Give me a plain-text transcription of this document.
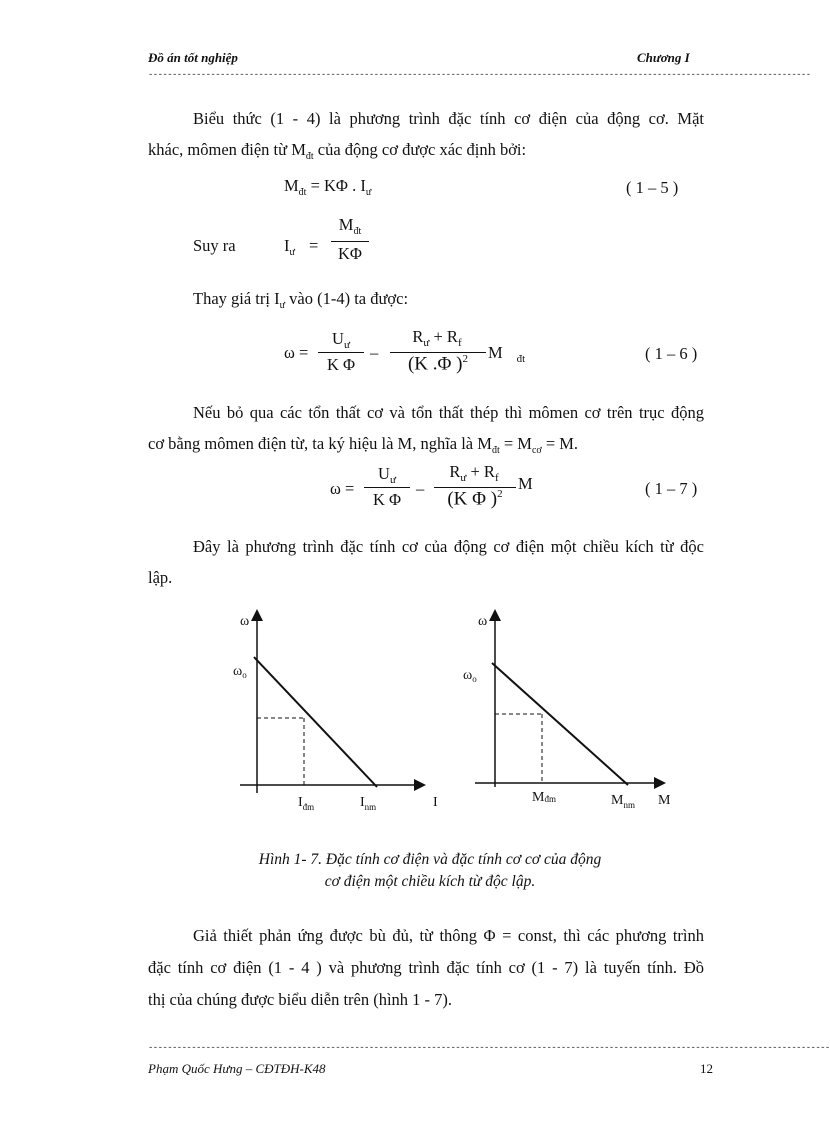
Đồ án tốt nghiệp	Chương I
------------------------------------------------------------------------------------------------------------------------------------------
Biểu thức (1 - 4) là phương trình đặc tính cơ điện của động cơ. Mặt
khác, mômen điện từ $M_{đt}$ của động cơ được xác định bởi:
$M_{đt} = K\Phi$ . $I_ư$	( 1 – 5 )
Suy ra	$I_ư$ =
$M_{đt}$
KΦ
Thay giá trị $I_ư$ vào (1-4) ta được:
ω =
$U_ư$
K Φ
–
$R_ư + R_f$
(K .Φ )$^2$	M $_{đt}$	( 1 – 6 )
Nếu bỏ qua các tổn thất cơ và tổn thất thép thì mômen cơ trên trục động
cơ bằng mômen điện từ, ta ký hiệu là M, nghĩa là $M_{đt} = M_{cơ} = M$.
ω =
$U_ư$
K Φ
–
$R_ư + R_f$
(K Φ )$^2$
M	( 1 – 7 )
Đây là phương trình đặc tính cơ của động cơ điện một chiều kích từ độc
lập.
ω
$\omega_o$
$I_{đm}$	$I_{nm}$	I
ω
$\omega_o$
Mđm	$M_{nm}$ M
Hình 1- 7. Đặc tính cơ điện và đặc tính cơ cơ của động
cơ điện một chiều kích từ độc lập.
Giả thiết phản ứng được bù đủ, từ thông Φ = const, thì các phương trình
đặc tính cơ điện (1 - 4 ) và phương trình đặc tính cơ (1 - 7) là tuyến tính. Đồ
thị của chúng được biểu diễn trên (hình 1 - 7).
----------------------------------------------------------------------------------------------------------------------------------------------
Phạm Quốc Hưng – CĐTĐH-K48	12
